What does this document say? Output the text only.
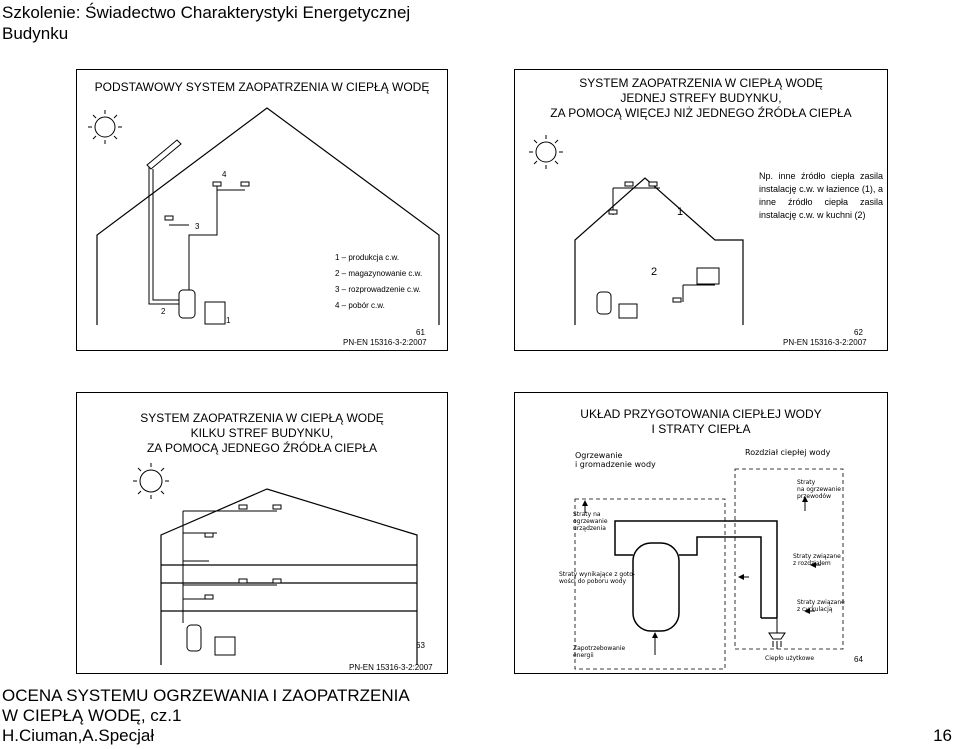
Szkolenie: Świadectwo Charakterystyki Energetycznej Budynku
PODSTAWOWY SYSTEM ZAOPATRZENIA W CIEPŁĄ WODĘ
4
3
2
1
1 – produkcja c.w.
2 – magazynowanie c.w.
3 – rozprowadzenie c.w.
4 – pobór c.w.
61
PN-EN 15316-3-2:2007
SYSTEM ZAOPATRZENIA W CIEPŁĄ WODĘ
JEDNEJ STREFY BUDYNKU,
ZA POMOCĄ WIĘCEJ NIŻ JEDNEGO ŹRÓDŁA CIEPŁA
1
2
Np. inne źródło ciepła zasila instalację c.w. w łazience (1), a inne źródło ciepła zasila instalację c.w. w kuchni (2)
62
PN-EN 15316-3-2:2007
SYSTEM ZAOPATRZENIA W CIEPŁĄ WODĘ
KILKU STREF BUDYNKU,
ZA POMOCĄ JEDNEGO ŹRÓDŁA CIEPŁA
63
PN-EN 15316-3-2:2007
UKŁAD PRZYGOTOWANIA CIEPŁEJ WODY
I STRATY CIEPŁA
Ogrzewanie
i gromadzenie wody
Rozdział ciepłej wody
Straty
na ogrzewanie
przewodów
Straty na
ogrzewanie
urządzenia
Straty związane
z rozdziałem
Straty wynikające z goto-
wości do poboru wody
Straty związane
z cyrkulacją
Ciepło użytkowe
Zapotrzebowanie
energii	64
OCENA SYSTEMU OGRZEWANIA I ZAOPATRZENIA
W CIEPŁĄ WODĘ, cz.1
H.Ciuman,A.Specjał	16
